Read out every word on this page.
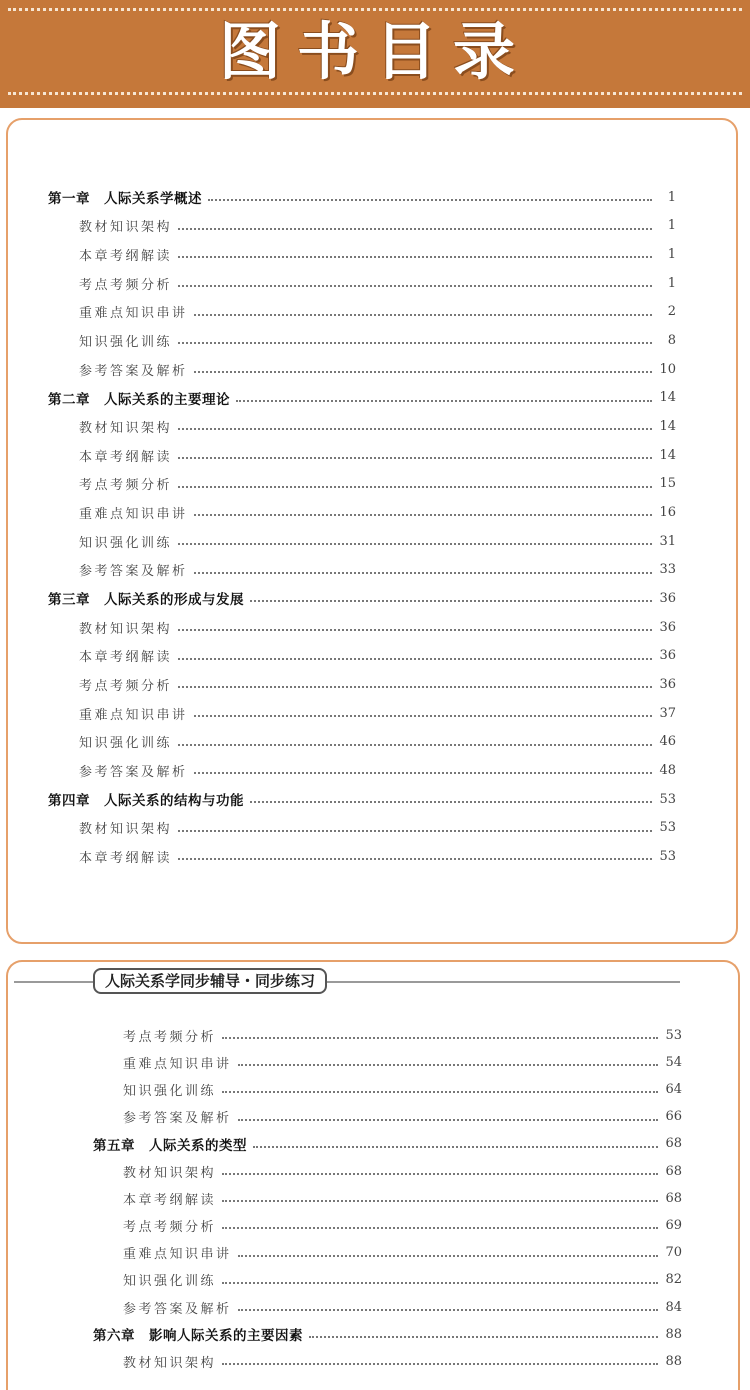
图书目录
第一章　人际关系学概述	1
教材知识架构	1
本章考纲解读	1
考点考频分析	1
重难点知识串讲	2
知识强化训练	8
参考答案及解析	10
第二章　人际关系的主要理论	14
教材知识架构	14
本章考纲解读	14
考点考频分析	15
重难点知识串讲	16
知识强化训练	31
参考答案及解析	33
第三章　人际关系的形成与发展	36
教材知识架构	36
本章考纲解读	36
考点考频分析	36
重难点知识串讲	37
知识强化训练	46
参考答案及解析	48
第四章　人际关系的结构与功能	53
教材知识架构	53
本章考纲解读	53
人际关系学同步辅导・同步练习
考点考频分析	53
重难点知识串讲	54
知识强化训练	64
参考答案及解析	66
第五章　人际关系的类型	68
教材知识架构	68
本章考纲解读	68
考点考频分析	69
重难点知识串讲	70
知识强化训练	82
参考答案及解析	84
第六章　影响人际关系的主要因素	88
教材知识架构	88
